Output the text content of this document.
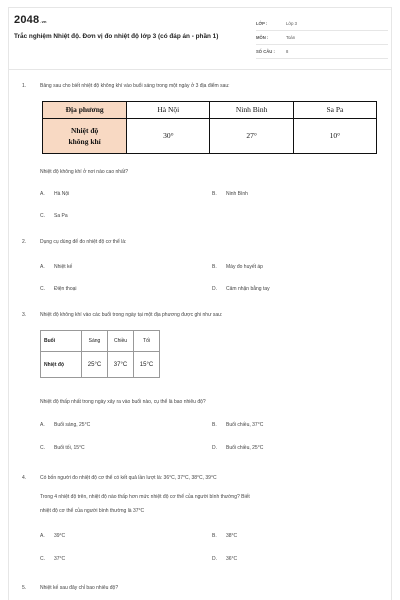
2048.vn
Trắc nghiệm Nhiệt độ. Đơn vị đo nhiệt độ lớp 3 (có đáp án - phần 1)
LỚP :	Lớp 3
MÔN :	Toán
SỐ CÂU :	8
1.	Bảng sau cho biết nhiệt độ không khí vào buổi sáng trong một ngày ở 3 địa điểm sau:
Địa phương	Hà Nội	Ninh Bình	Sa Pa
Nhiệt độ
không khí	30°	27°	10°
Nhiệt độ không khí ở nơi nào cao nhất?
A. Hà Nội	B. Ninh Bình
C. Sa Pa
2.	Dụng cụ dùng để đo nhiệt độ cơ thể là:
A. Nhiệt kế	B. Máy đo huyết áp
C. Điện thoại	D. Cảm nhận bằng tay
3.	Nhiệt độ không khí vào các buổi trong ngày tại một địa phương được ghi như sau:
Buổi	Sáng	Chiều	Tối
Nhiệt độ	25°C	37°C	15°C
Nhiệt độ thấp nhất trong ngày xảy ra vào buổi nào, cụ thể là bao nhiêu độ?
A. Buổi sáng, 25°C	B. Buổi chiều, 37°C
C. Buổi tối, 15°C	D. Buổi chiều, 25°C
4.	Có bốn người đo nhiệt độ cơ thể có kết quả lần lượt là: 36°C, 37°C, 38°C, 39°C
Trong 4 nhiệt độ trên, nhiệt độ nào thấp hơn mức nhiệt độ cơ thể của người bình thường? Biết
nhiệt độ cơ thể của người bình thường là 37°C
A. 39°C	B. 38°C
C. 37°C	D. 36°C
5.	Nhiệt kế sau đây chỉ bao nhiêu độ?
